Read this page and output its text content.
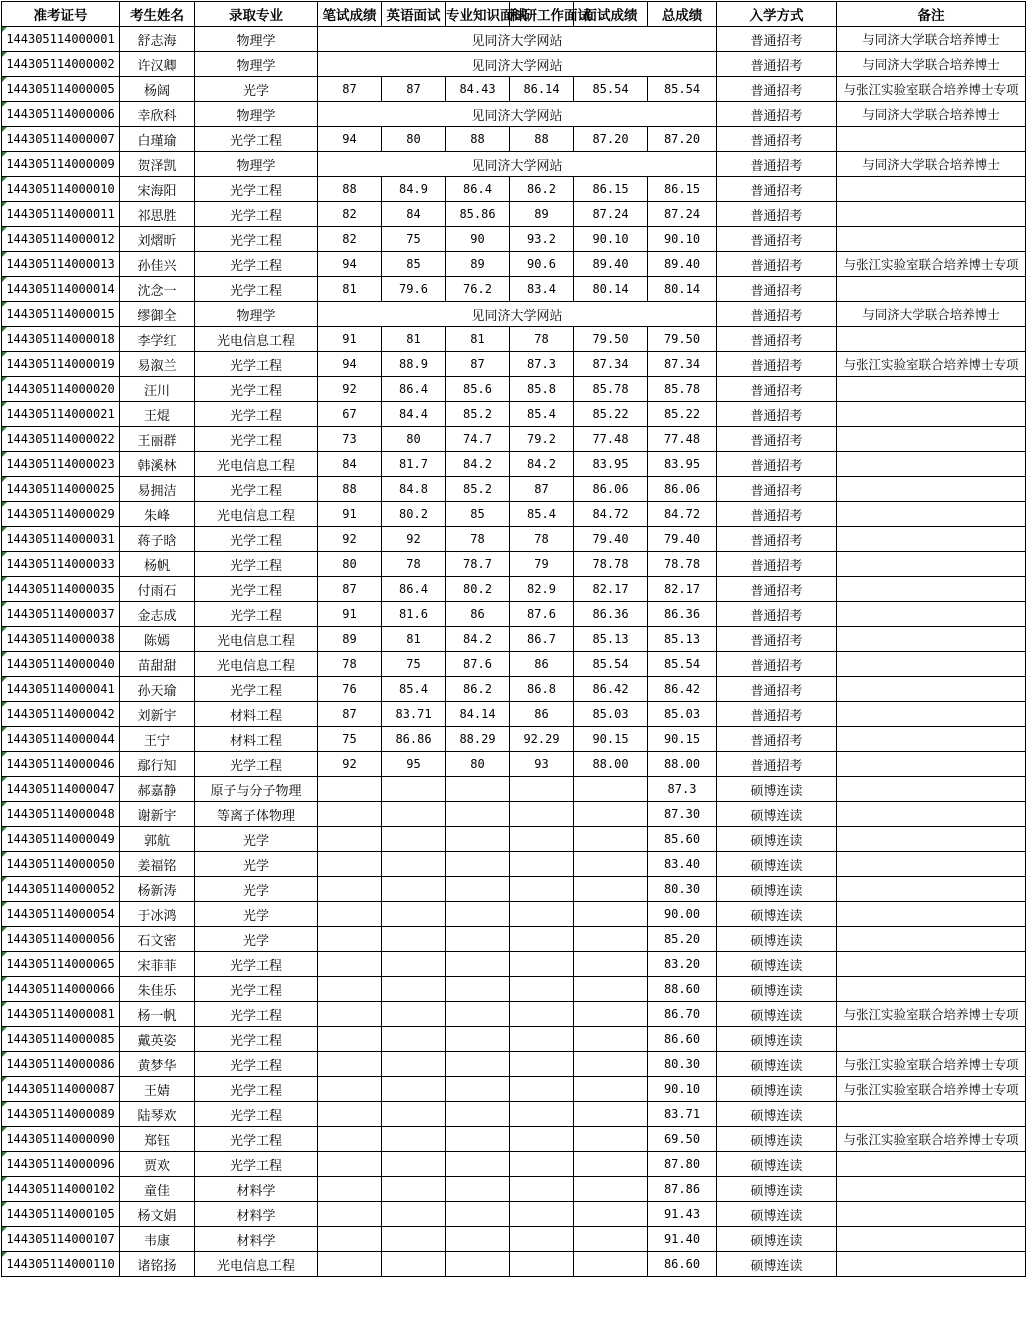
准考证号	考生姓名	录取专业	笔试成绩	英语面试	专业知识面试	科研工作面试	面试成绩	总成绩	入学方式	备注
144305114000001	舒志海	物理学	见同济大学网站						普通招考	与同济大学联合培养博士
144305114000002	许汉卿	物理学	见同济大学网站						普通招考	与同济大学联合培养博士
144305114000005	杨阔	光学	87	87	84.43	86.14	85.54	85.54	普通招考	与张江实验室联合培养博士专项
144305114000006	幸欣科	物理学	见同济大学网站						普通招考	与同济大学联合培养博士
144305114000007	白瑾瑜	光学工程	94	80	88	88	87.20	87.20	普通招考	
144305114000009	贺泽凯	物理学	见同济大学网站						普通招考	与同济大学联合培养博士
144305114000010	宋海阳	光学工程	88	84.9	86.4	86.2	86.15	86.15	普通招考	
144305114000011	祁思胜	光学工程	82	84	85.86	89	87.24	87.24	普通招考	
144305114000012	刘熠昕	光学工程	82	75	90	93.2	90.10	90.10	普通招考	
144305114000013	孙佳兴	光学工程	94	85	89	90.6	89.40	89.40	普通招考	与张江实验室联合培养博士专项
144305114000014	沈念一	光学工程	81	79.6	76.2	83.4	80.14	80.14	普通招考	
144305114000015	缪御全	物理学	见同济大学网站						普通招考	与同济大学联合培养博士
144305114000018	李学红	光电信息工程	91	81	81	78	79.50	79.50	普通招考	
144305114000019	易溆兰	光学工程	94	88.9	87	87.3	87.34	87.34	普通招考	与张江实验室联合培养博士专项
144305114000020	汪川	光学工程	92	86.4	85.6	85.8	85.78	85.78	普通招考	
144305114000021	王焜	光学工程	67	84.4	85.2	85.4	85.22	85.22	普通招考	
144305114000022	王丽群	光学工程	73	80	74.7	79.2	77.48	77.48	普通招考	
144305114000023	韩溪林	光电信息工程	84	81.7	84.2	84.2	83.95	83.95	普通招考	
144305114000025	易拥洁	光学工程	88	84.8	85.2	87	86.06	86.06	普通招考	
144305114000029	朱峰	光电信息工程	91	80.2	85	85.4	84.72	84.72	普通招考	
144305114000031	蒋子晗	光学工程	92	92	78	78	79.40	79.40	普通招考	
144305114000033	杨帆	光学工程	80	78	78.7	79	78.78	78.78	普通招考	
144305114000035	付雨石	光学工程	87	86.4	80.2	82.9	82.17	82.17	普通招考	
144305114000037	金志成	光学工程	91	81.6	86	87.6	86.36	86.36	普通招考	
144305114000038	陈嫣	光电信息工程	89	81	84.2	86.7	85.13	85.13	普通招考	
144305114000040	苗甜甜	光电信息工程	78	75	87.6	86	85.54	85.54	普通招考	
144305114000041	孙天瑜	光学工程	76	85.4	86.2	86.8	86.42	86.42	普通招考	
144305114000042	刘新宇	材料工程	87	83.71	84.14	86	85.03	85.03	普通招考	
144305114000044	王宁	材料工程	75	86.86	88.29	92.29	90.15	90.15	普通招考	
144305114000046	鄢行知	光学工程	92	95	80	93	88.00	88.00	普通招考	
144305114000047	郝嘉静	原子与分子物理						87.3	硕博连读	
144305114000048	谢新宇	等离子体物理						87.30	硕博连读	
144305114000049	郭航	光学						85.60	硕博连读	
144305114000050	姜福铭	光学						83.40	硕博连读	
144305114000052	杨新涛	光学						80.30	硕博连读	
144305114000054	于冰鸿	光学						90.00	硕博连读	
144305114000056	石文密	光学						85.20	硕博连读	
144305114000065	宋菲菲	光学工程						83.20	硕博连读	
144305114000066	朱佳乐	光学工程						88.60	硕博连读	
144305114000081	杨一帆	光学工程						86.70	硕博连读	与张江实验室联合培养博士专项
144305114000085	戴英姿	光学工程						86.60	硕博连读	
144305114000086	黄梦华	光学工程						80.30	硕博连读	与张江实验室联合培养博士专项
144305114000087	王婧	光学工程						90.10	硕博连读	与张江实验室联合培养博士专项
144305114000089	陆琴欢	光学工程						83.71	硕博连读	
144305114000090	郑钰	光学工程						69.50	硕博连读	与张江实验室联合培养博士专项
144305114000096	贾欢	光学工程						87.80	硕博连读	
144305114000102	童佳	材料学						87.86	硕博连读	
144305114000105	杨文娟	材料学						91.43	硕博连读	
144305114000107	韦康	材料学						91.40	硕博连读	
144305114000110	诸铭扬	光电信息工程						86.60	硕博连读	
